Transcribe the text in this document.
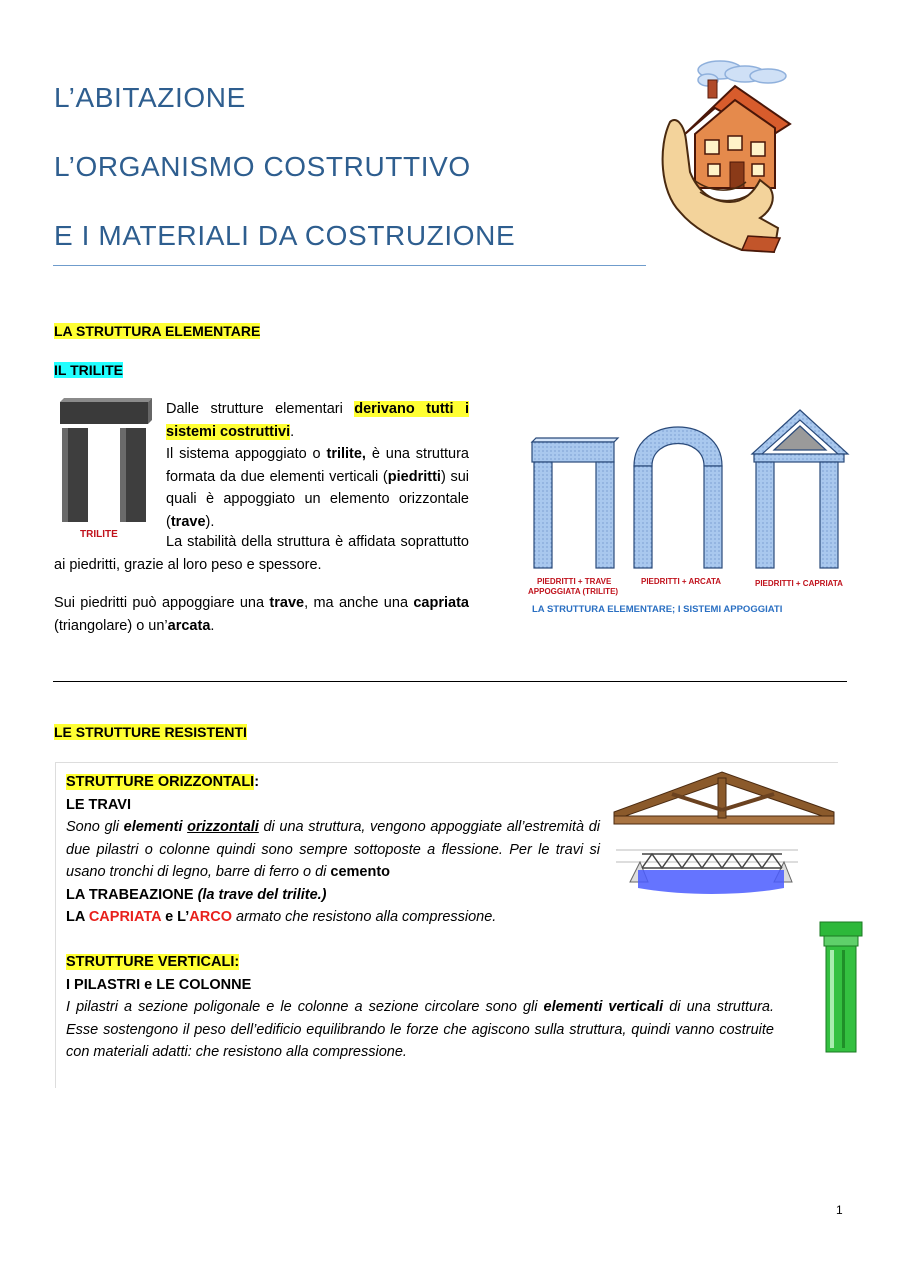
L’ABITAZIONE
L’ORGANISMO COSTRUTTIVO
E I MATERIALI DA COSTRUZIONE
LA STRUTTURA ELEMENTARE
IL TRILITE
TRILITE
Dalle strutture elementari derivano tutti i sistemi costruttivi.
Il sistema appoggiato o trilite, è una struttura formata da due elementi verticali (piedritti) sui quali è appoggiato un elemento orizzontale (trave).
La stabilità della struttura è affidata soprattutto ai piedritti, grazie al loro peso e spessore.
Sui piedritti può appoggiare una trave, ma anche una capriata (triangolare) o un’arcata.
PIEDRITTI + TRAVE
APPOGGIATA (TRILITE)
PIEDRITTI + ARCATA	PIEDRITTI + CAPRIATA
LA STRUTTURA ELEMENTARE; I SISTEMI APPOGGIATI
LE STRUTTURE RESISTENTI
STRUTTURE ORIZZONTALI:
LE TRAVI
Sono gli elementi orizzontali di una struttura, vengono appoggiate all’estremità di due pilastri o colonne quindi sono sempre sottoposte a flessione. Per le travi si usano tronchi di legno, barre di ferro o di cemento
LA TRABEAZIONE (la trave del trilite.)
LA CAPRIATA e L’ARCO armato che resistono alla compressione.
STRUTTURE VERTICALI:
I PILASTRI e LE COLONNE
I pilastri a sezione poligonale e le colonne a sezione circolare sono gli elementi verticali di una struttura. Esse sostengono il peso dell’edificio equilibrando le forze che agiscono sulla struttura, quindi vanno costruite con materiali adatti: che resistono alla compressione.
1
